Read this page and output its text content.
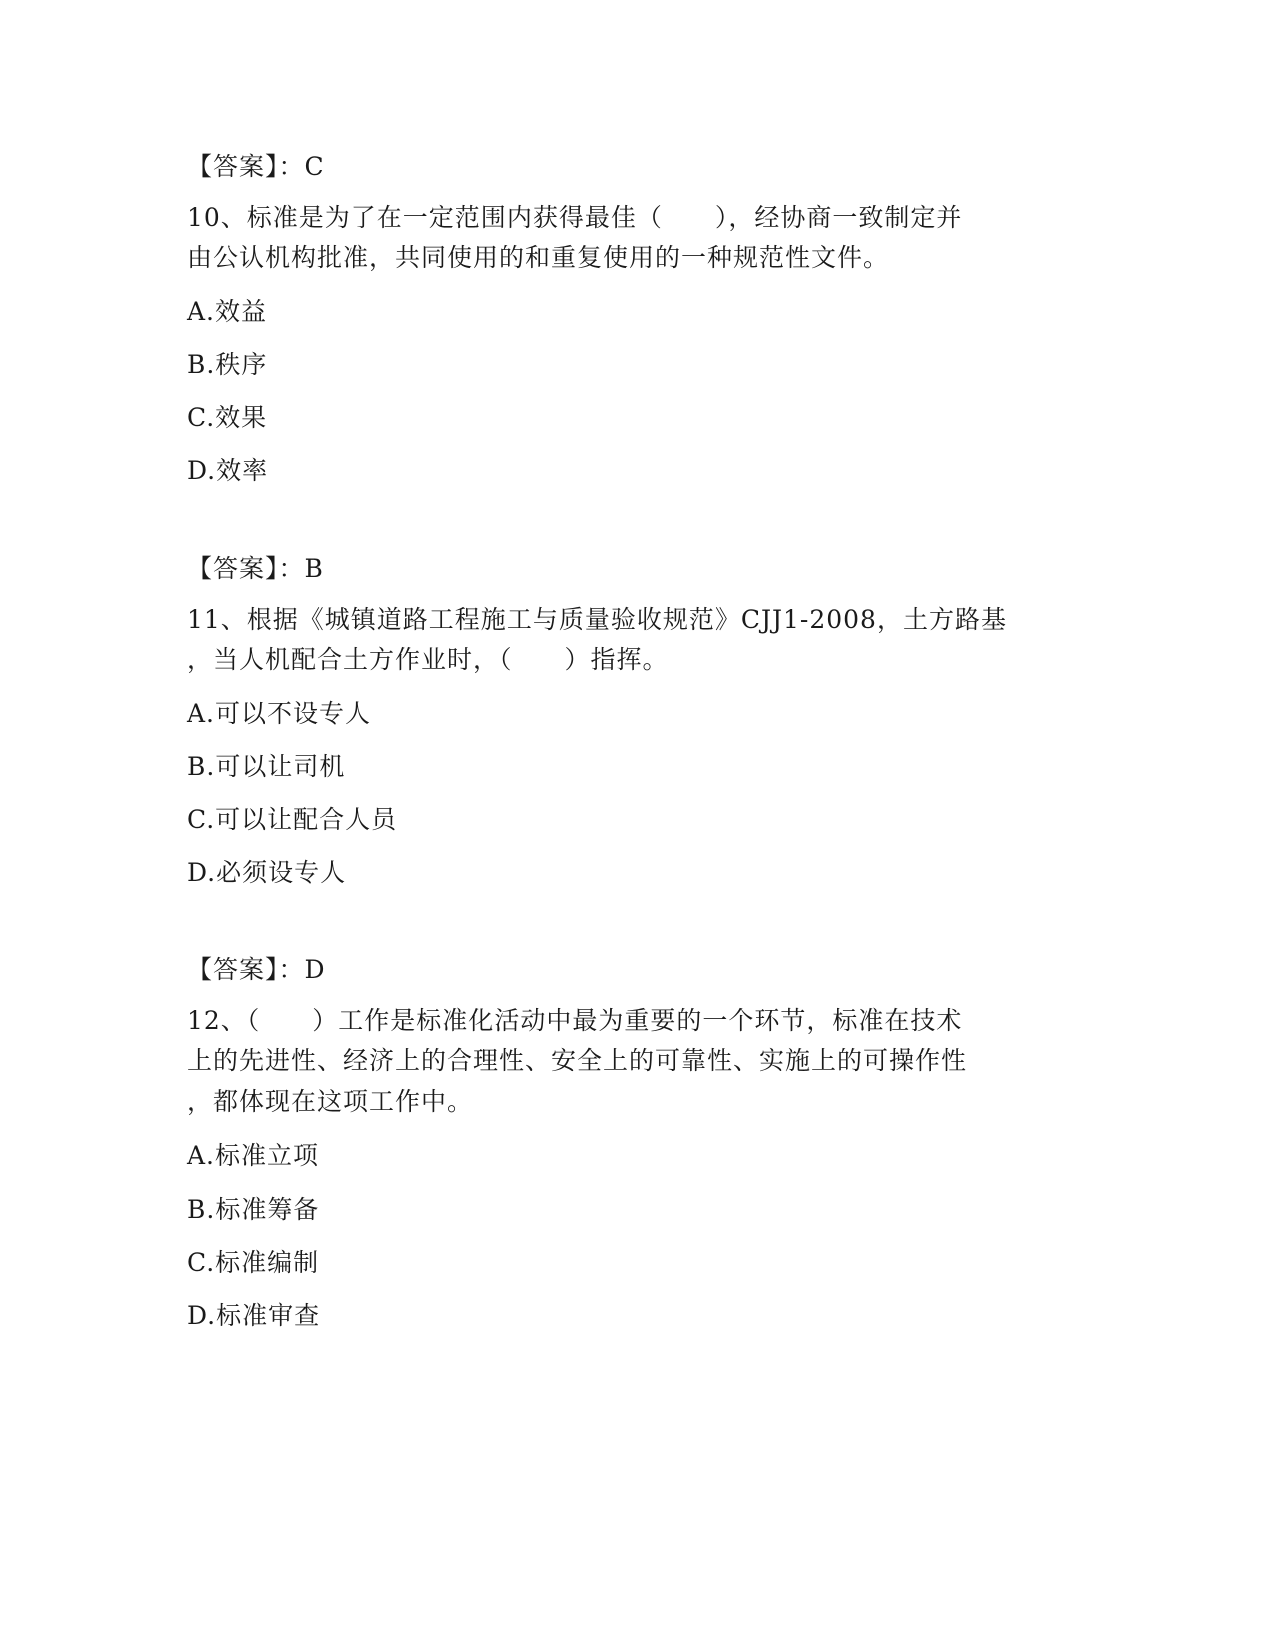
【答案】：C
10、标准是为了在一定范围内获得最佳（　　），经协商一致制定并
由公认机构批准，共同使用的和重复使用的一种规范性文件。
A.效益
B.秩序
C.效果
D.效率
【答案】：B
11、根据《城镇道路工程施工与质量验收规范》CJJ1-2008，土方路基
，当人机配合土方作业时，（　　）指挥。
A.可以不设专人
B.可以让司机
C.可以让配合人员
D.必须设专人
【答案】：D
12、（　　）工作是标准化活动中最为重要的一个环节，标准在技术
上的先进性、经济上的合理性、安全上的可靠性、实施上的可操作性
，都体现在这项工作中。
A.标准立项
B.标准筹备
C.标准编制
D.标准审查
